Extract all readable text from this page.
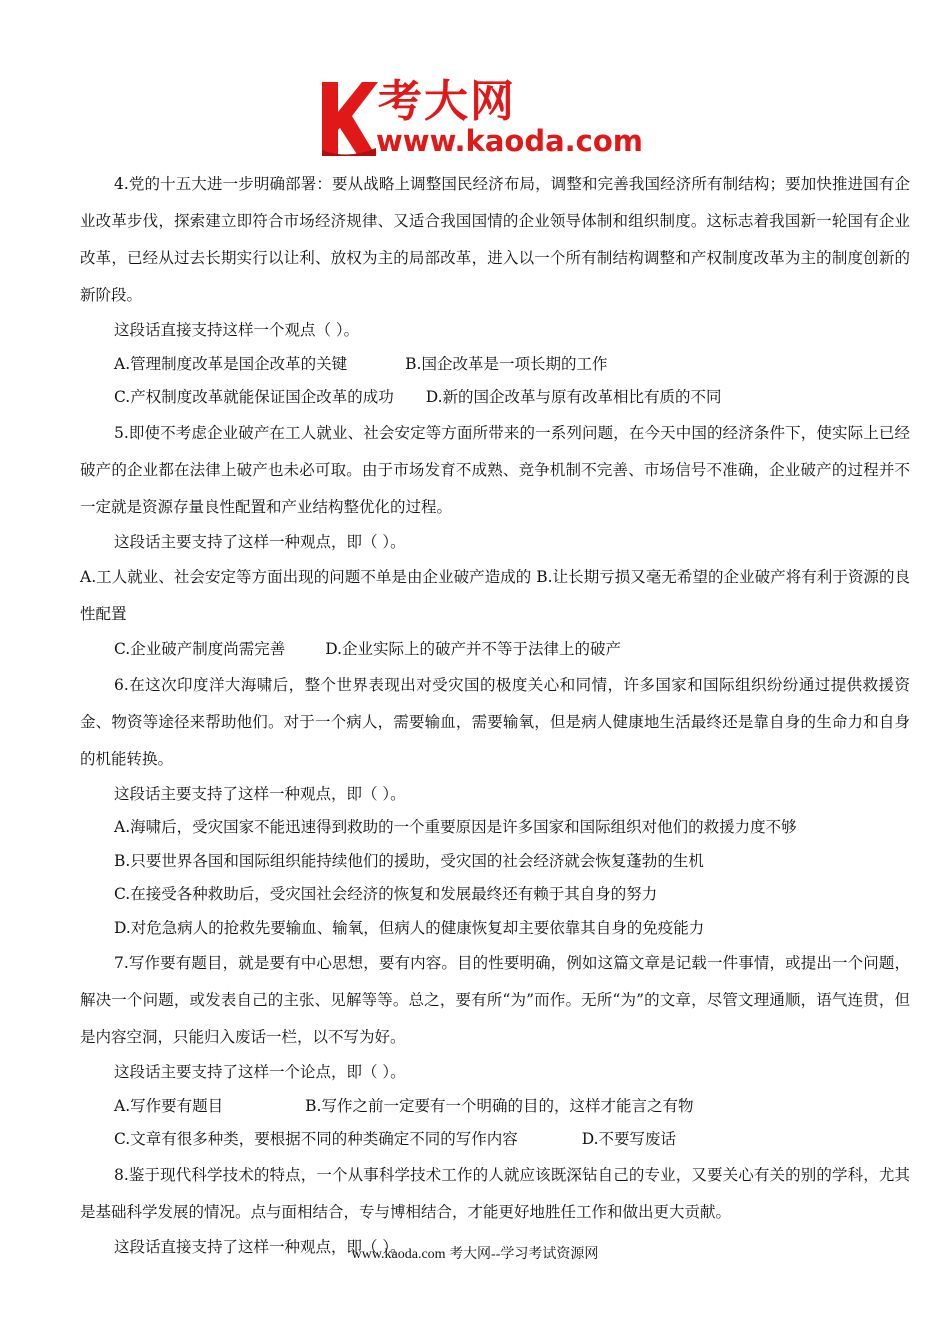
考大网
www.kaoda.com

4.党的十五大进一步明确部署：要从战略上调整国民经济布局，调整和完善我国经济所有制结构；要加快推进国有企业改革步伐，探索建立即符合市场经济规律、又适合我国国情的企业领导体制和组织制度。这标志着我国新一轮国有企业改革，已经从过去长期实行以让利、放权为主的局部改革，进入以一个所有制结构调整和产权制度改革为主的制度创新的新阶段。

这段话直接支持这样一个观点（ ）。

A.管理制度改革是国企改革的关键	B.国企改革是一项长期的工作

C.产权制度改革就能保证国企改革的成功 D.新的国企改革与原有改革相比有质的不同

5.即使不考虑企业破产在工人就业、社会安定等方面所带来的一系列问题，在今天中国的经济条件下，使实际上已经破产的企业都在法律上破产也未必可取。由于市场发育不成熟、竞争机制不完善、市场信号不准确，企业破产的过程并不一定就是资源存量良性配置和产业结构整优化的过程。

这段话主要支持了这样一种观点，即（ ）。

A.工人就业、社会安定等方面出现的问题不单是由企业破产造成的 B.让长期亏损又毫无希望的企业破产将有利于资源的良性配置

C.企业破产制度尚需完善	D.企业实际上的破产并不等于法律上的破产

6.在这次印度洋大海啸后，整个世界表现出对受灾国的极度关心和同情，许多国家和国际组织纷纷通过提供救援资金、物资等途径来帮助他们。对于一个病人，需要输血，需要输氧，但是病人健康地生活最终还是靠自身的生命力和自身的机能转换。

这段话主要支持了这样一种观点，即（ ）。

A.海啸后，受灾国家不能迅速得到救助的一个重要原因是许多国家和国际组织对他们的救援力度不够

B.只要世界各国和国际组织能持续他们的援助，受灾国的社会经济就会恢复蓬勃的生机

C.在接受各种救助后，受灾国社会经济的恢复和发展最终还有赖于其自身的努力

D.对危急病人的抢救先要输血、输氧，但病人的健康恢复却主要依靠其自身的免疫能力

7.写作要有题目，就是要有中心思想，要有内容。目的性要明确，例如这篇文章是记载一件事情，或提出一个问题，解决一个问题，或发表自己的主张、见解等等。总之，要有所“为”而作。无所“为”的文章，尽管文理通顺，语气连贯，但是内容空洞，只能归入废话一栏，以不写为好。

这段话主要支持了这样一个论点，即（ ）。

A.写作要有题目	B.写作之前一定要有一个明确的目的，这样才能言之有物

C.文章有很多种类，要根据不同的种类确定不同的写作内容	D.不要写废话

8.鉴于现代科学技术的特点，一个从事科学技术工作的人就应该既深钻自己的专业，又要关心有关的别的学科，尤其是基础科学发展的情况。点与面相结合，专与博相结合，才能更好地胜任工作和做出更大贡献。

这段话直接支持了这样一种观点，即（ ）。

www.kaoda.com 考大网--学习考试资源网
